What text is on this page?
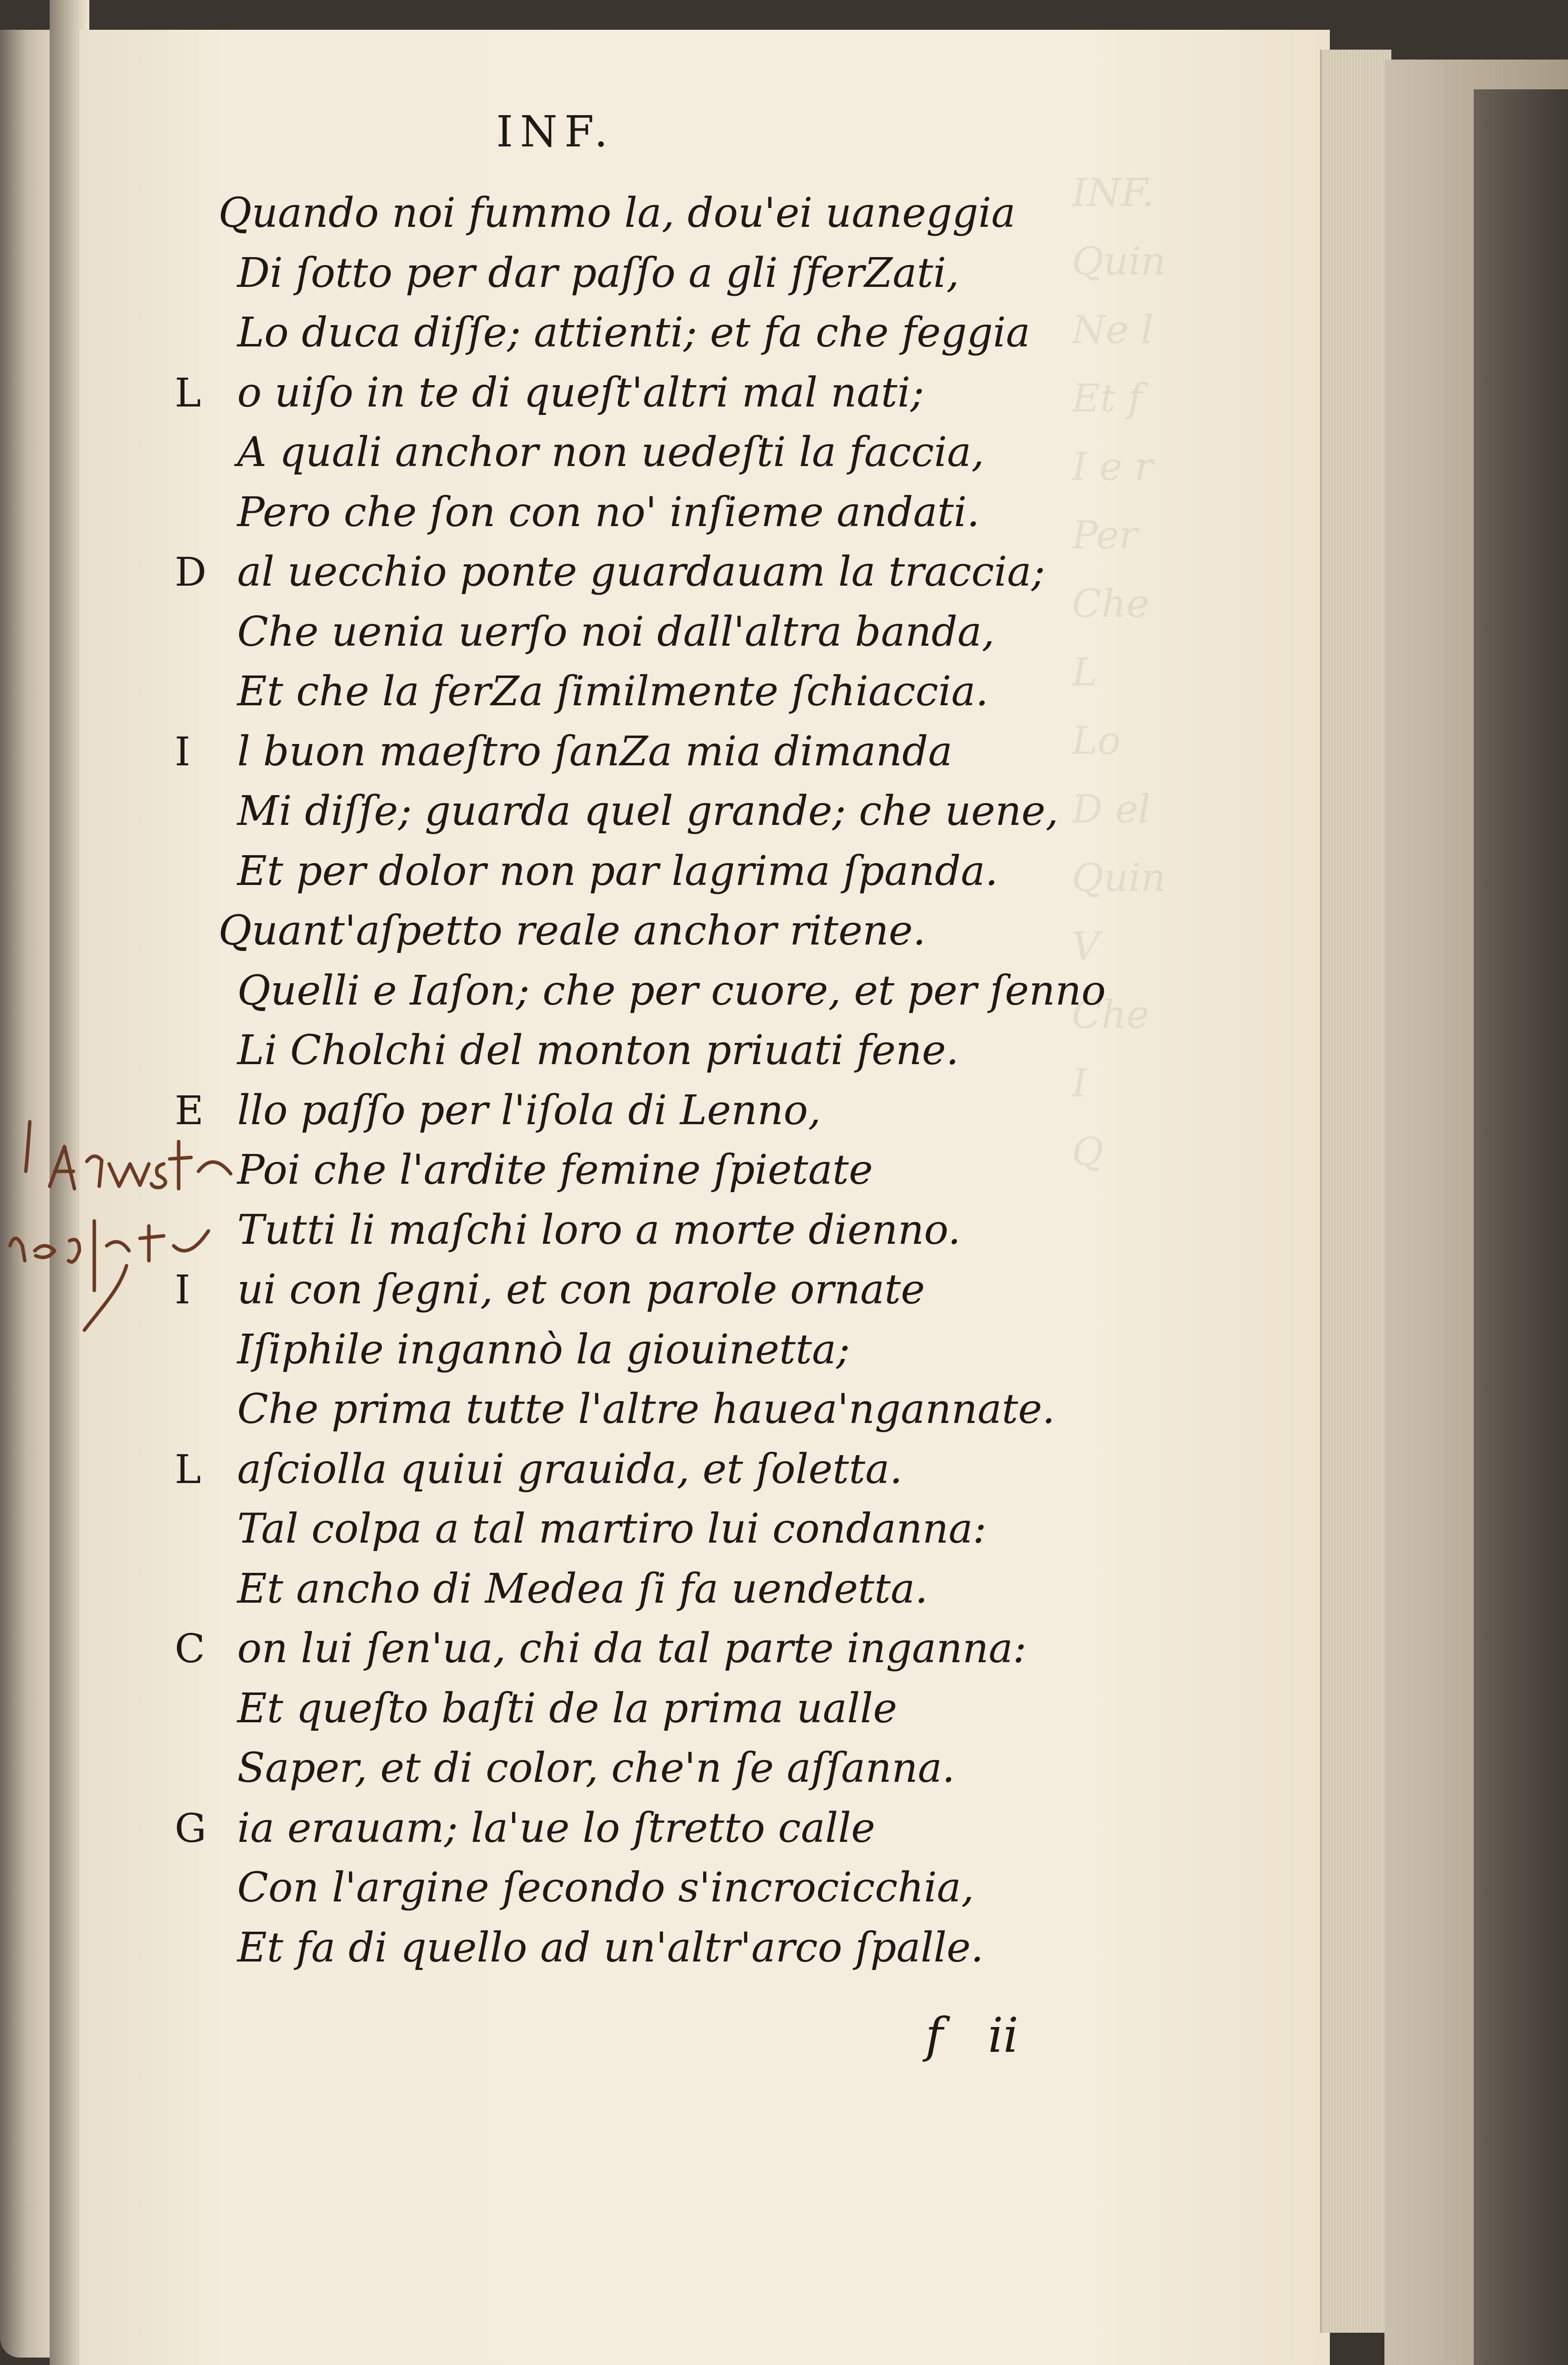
INF.
Quin
Ne l
Et f
I e r
Per
Che
L
Lo
D el
Quin
V
Che
I
Q
INF.
Quando noi fummo la, dou'ei uaneggia
Di ſotto per dar paſſo a gli ſferZati,
Lo duca diſſe; attienti; et fa che feggia
L o uiſo in te di queſt'altri mal nati;
A quali anchor non uedeſti la faccia,
Pero che ſon con no' inſieme andati.
D al uecchio ponte guardauam la traccia;
Che uenia uerſo noi dall'altra banda,
Et che la ferZa ſimilmente ſchiaccia.
I l buon maeſtro ſanZa mia dimanda
Mi diſſe; guarda quel grande; che uene,
Et per dolor non par lagrima ſpanda.
Quant'aſpetto reale anchor ritene.
Quelli e Iaſon; che per cuore, et per ſenno
Li Cholchi del monton priuati fene.
E llo paſſo per l'iſola di Lenno,
Poi che l'ardite femine ſpietate
Tutti li maſchi loro a morte dienno.
I ui con ſegni, et con parole ornate
Iſiphile ingannò la giouinetta;
Che prima tutte l'altre haueа'ngannate.
L aſciolla quiui grauida, et ſoletta.
Tal colpa a tal martiro lui condanna:
Et ancho di Medea ſi fa uendetta.
C on lui ſen'ua, chi da tal parte inganna:
Et queſto baſti de la prima ualle
Saper, et di color, che'n ſe aſſanna.
G ia erauam; la'ue lo ſtretto calle
Con l'argine ſecondo s'incrocicchia,
Et fa di quello ad un'altr'arco ſpalle.
f ii
